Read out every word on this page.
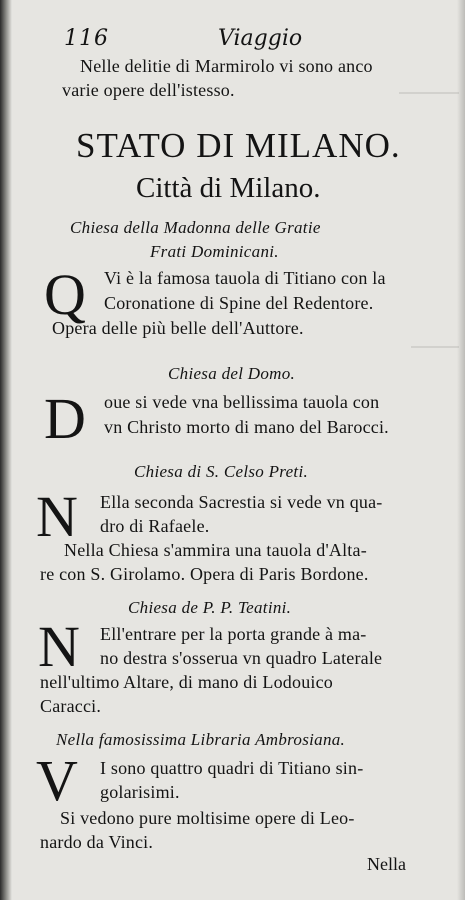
116	Viaggio
Nelle delitie di Marmirolo vi sono anco
varie opere dell'istesso.
STATO DI MILANO.
Città di Milano.
Chiesa della Madonna delle Gratie
Frati Dominicani.
Q Vi è la famosa tauola di Titiano con la
Coronatione di Spine del Redentore.
Opera delle più belle dell'Auttore.
Chiesa del Domo.
D oue si vede vna bellissima tauola con
vn Christo morto di mano del Barocci.
Chiesa di S. Celso Preti.
N Ella seconda Sacrestia si vede vn qua-
dro di Rafaele.
Nella Chiesa s'ammira una tauola d'Alta-
re con S. Girolamo. Opera di Paris Bordone.
Chiesa de P. P. Teatini.
N Ell'entrare per la porta grande à ma-
no destra s'osserua vn quadro Laterale
nell'ultimo Altare, di mano di Lodouico
Caracci.
Nella famosissima Libraria Ambrosiana.
V I sono quattro quadri di Titiano sin-
golarisimi.
Si vedono pure moltisime opere di Leo-
nardo da Vinci.
Nella
